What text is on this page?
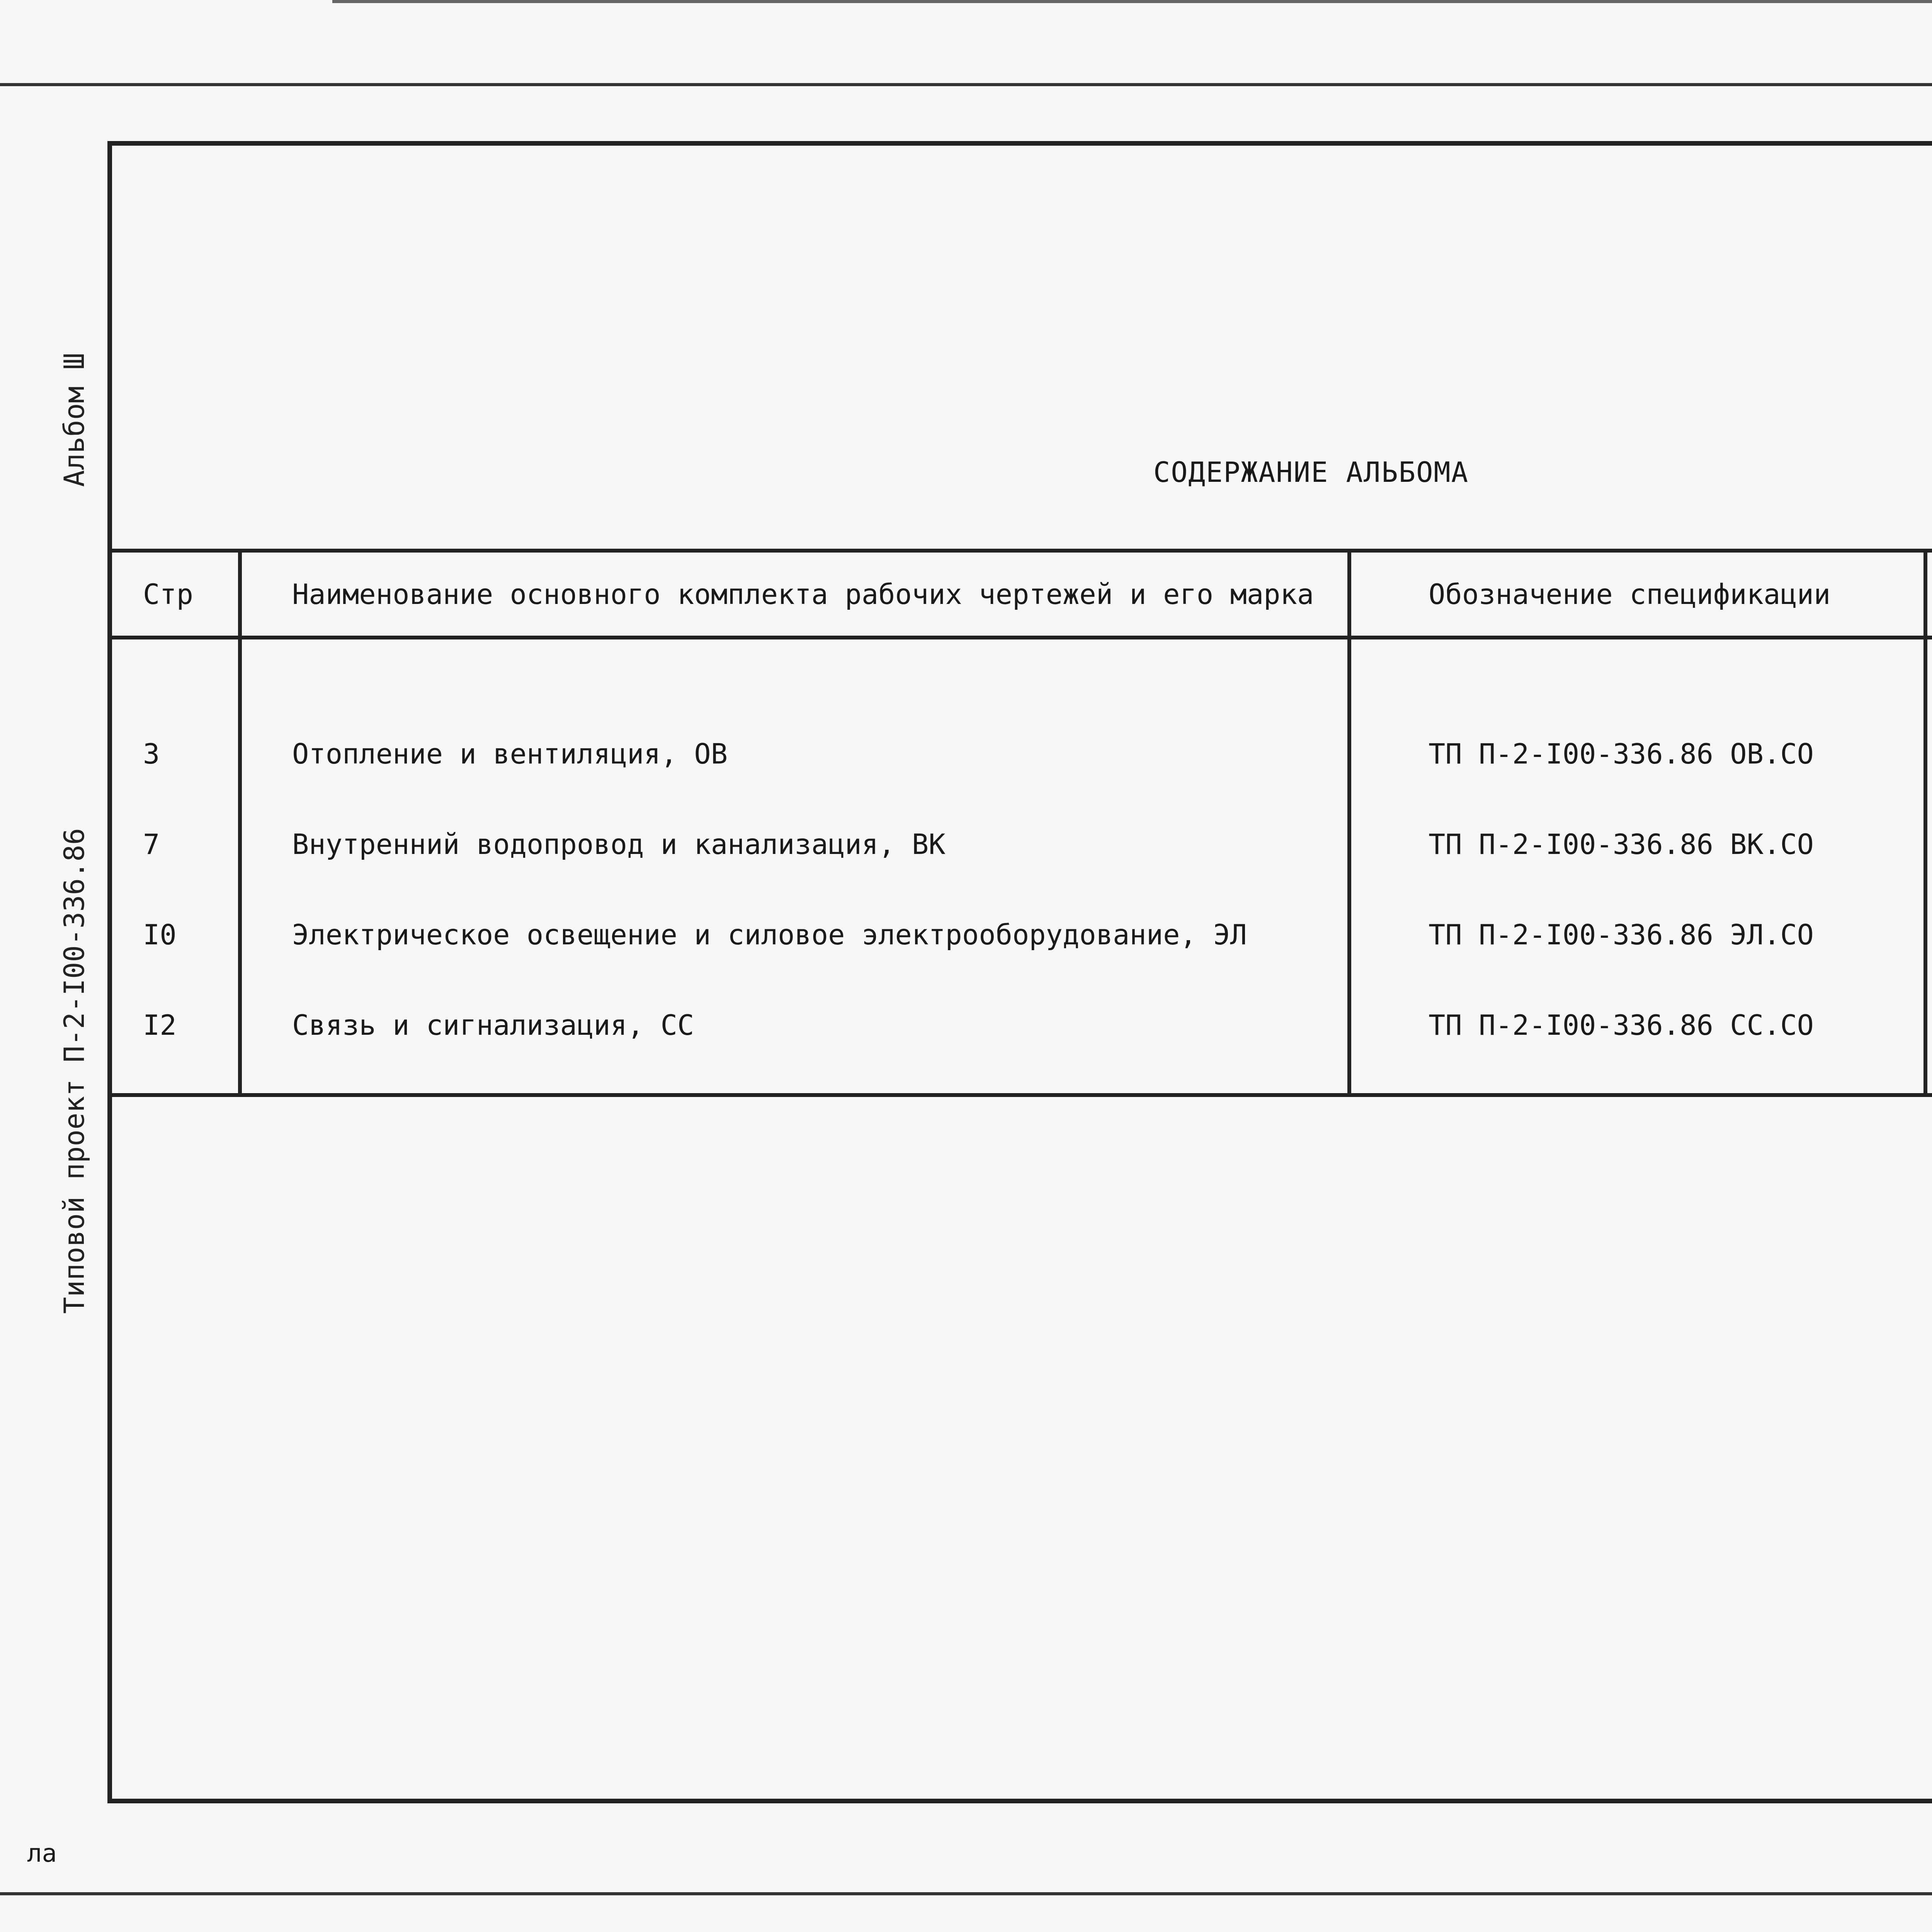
Альбом Ш
Типовой проект П-2-I00-336.86
ла
СОДЕРЖАНИЕ АЛЬБОМА
Стр	Наименование основного комплекта рабочих чертежей и его марка	Обозначение спецификации	
3	Отопление и вентиляция, ОВ	ТП П-2-I00-336.86 ОВ.СО	
7	Внутренний водопровод и канализация, ВК	ТП П-2-I00-336.86 ВК.СО	
I0	Электрическое освещение и силовое электрооборудование, ЭЛ	ТП П-2-I00-336.86 ЭЛ.СО	
I2	Связь и сигнализация, СС	ТП П-2-I00-336.86 СС.СО	
